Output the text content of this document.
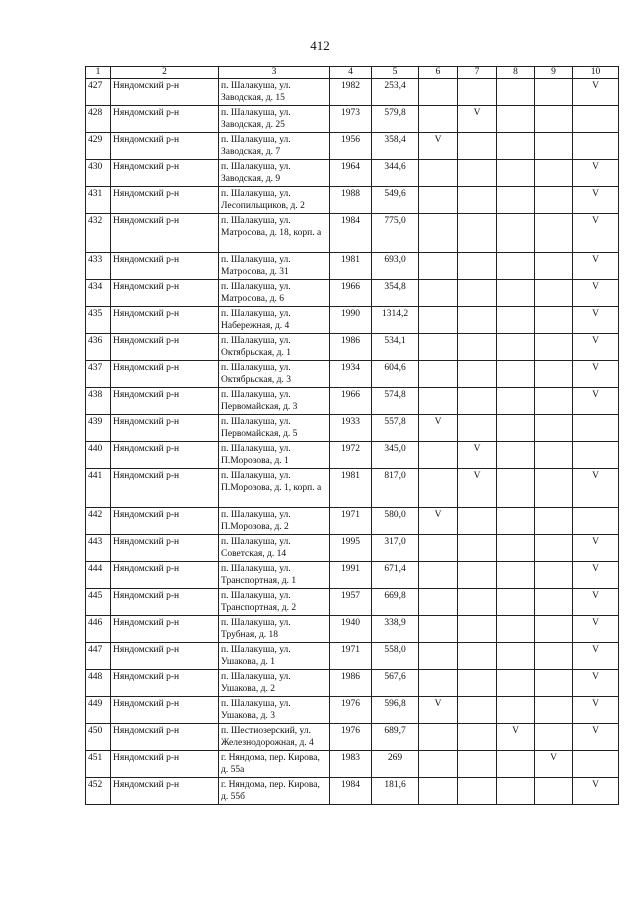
412
1	2	3	4	5	6	7	8	9	10
427	Няндомский р-н	п. Шалакуша, ул. Заводская, д. 15	1982	253,4					V
428	Няндомский р-н	п. Шалакуша, ул. Заводская, д. 25	1973	579,8		V			
429	Няндомский р-н	п. Шалакуша, ул. Заводская, д. 7	1956	358,4	V				
430	Няндомский р-н	п. Шалакуша, ул. Заводская, д. 9	1964	344,6					V
431	Няндомский р-н	п. Шалакуша, ул. Лесопильщиков, д. 2	1988	549,6					V
432	Няндомский р-н	п. Шалакуша, ул. Матросова, д. 18, корп. а	1984	775,0					V
433	Няндомский р-н	п. Шалакуша, ул. Матросова, д. 31	1981	693,0					V
434	Няндомский р-н	п. Шалакуша, ул. Матросова, д. 6	1966	354,8					V
435	Няндомский р-н	п. Шалакуша, ул. Набережная, д. 4	1990	1314,2					V
436	Няндомский р-н	п. Шалакуша, ул. Октябрьская, д. 1	1986	534,1					V
437	Няндомский р-н	п. Шалакуша, ул. Октябрьская, д. 3	1934	604,6					V
438	Няндомский р-н	п. Шалакуша, ул. Первомайская, д. 3	1966	574,8					V
439	Няндомский р-н	п. Шалакуша, ул. Первомайская, д. 5	1933	557,8	V				
440	Няндомский р-н	п. Шалакуша, ул. П.Морозова, д. 1	1972	345,0		V			
441	Няндомский р-н	п. Шалакуша, ул. П.Морозова, д. 1, корп. а	1981	817,0		V			V
442	Няндомский р-н	п. Шалакуша, ул. П.Морозова, д. 2	1971	580,0	V				
443	Няндомский р-н	п. Шалакуша, ул. Советская, д. 14	1995	317,0					V
444	Няндомский р-н	п. Шалакуша, ул. Транспортная, д. 1	1991	671,4					V
445	Няндомский р-н	п. Шалакуша, ул. Транспортная, д. 2	1957	669,8					V
446	Няндомский р-н	п. Шалакуша, ул. Трубная, д. 18	1940	338,9					V
447	Няндомский р-н	п. Шалакуша, ул. Ушакова, д. 1	1971	558,0					V
448	Няндомский р-н	п. Шалакуша, ул. Ушакова, д. 2	1986	567,6					V
449	Няндомский р-н	п. Шалакуша, ул. Ушакова, д. 3	1976	596,8	V				V
450	Няндомский р-н	п. Шестиозерский, ул. Железнодорожная, д. 4	1976	689,7			V		V
451	Няндомский р-н	г. Няндома, пер. Кирова, д. 55а	1983	269				V	
452	Няндомский р-н	г. Няндома, пер. Кирова, д. 55б	1984	181,6					V
